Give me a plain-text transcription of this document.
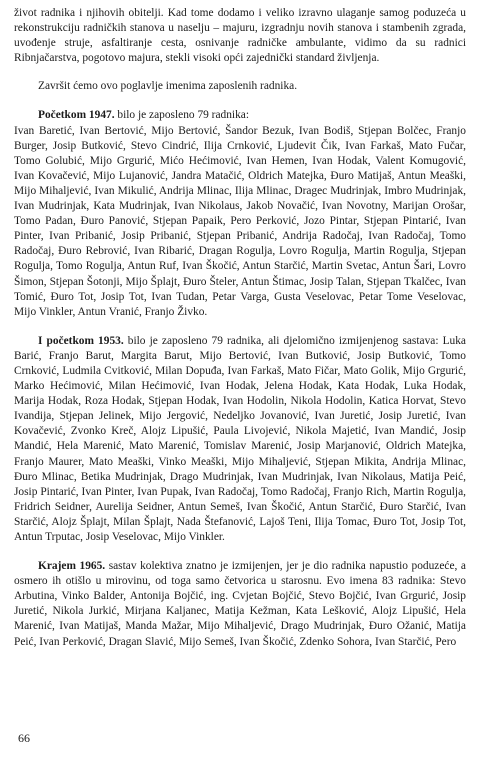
život radnika i njihovih obitelji. Kad tome dodamo i veliko izravno ulaganje samog poduzeća u rekonstrukciju radničkih stanova u naselju – majuru, izgradnju novih stanova i stambenih zgrada, uvođenje struje, asfaltiranje cesta, osnivanje radničke ambulante, vidimo da su radnici Ribnjačarstva, pogotovo majura, stekli visoki opći zajednički standard življenja.

Završit ćemo ovo poglavlje imenima zaposlenih radnika.

Početkom 1947. bilo je zaposleno 79 radnika:

Ivan Baretić, Ivan Bertović, Mijo Bertović, Šandor Bezuk, Ivan Bodiš, Stjepan Bolčec, Franjo Burger, Josip Butković, Stevo Cindrić, Ilija Crnković, Ljudevit Čik, Ivan Farkaš, Mato Fučar, Tomo Golubić, Mijo Grgurić, Mićo Hećimović, Ivan Hemen, Ivan Hodak, Valent Komugović, Ivan Kovačević, Mijo Lujanović, Jandra Matačić, Oldrich Matejka, Đuro Matijaš, Antun Meaški, Mijo Mihaljević, Ivan Mikulić, Andrija Mlinac, Ilija Mlinac, Dragec Mudrinjak, Imbro Mudrinjak, Ivan Mudrinjak, Kata Mudrinjak, Ivan Nikolaus, Jakob Novačić, Ivan Novotny, Marijan Orošar, Tomo Padan, Đuro Panović, Stjepan Papaik, Pero Perković, Jozo Pintar, Stjepan Pintarić, Ivan Pinter, Ivan Pribanić, Josip Pribanić, Stjepan Pribanić, Andrija Radočaj, Ivan Radočaj, Tomo Radočaj, Đuro Rebrović, Ivan Ribarić, Dragan Rogulja, Lovro Rogulja, Martin Rogulja, Stjepan Rogulja, Tomo Rogulja, Antun Ruf, Ivan Škočić, Antun Starčić, Martin Svetac, Antun Šari, Lovro Šimon, Stjepan Šotonji, Mijo Šplajt, Đuro Šteler, Antun Štimac, Josip Talan, Stjepan Tkalčec, Ivan Tomić, Đuro Tot, Josip Tot, Ivan Tudan, Petar Varga, Gusta Veselovac, Petar Tome Veselovac, Mijo Vinkler, Antun Vranić, Franjo Živko.

I početkom 1953. bilo je zaposleno 79 radnika, ali djelomično izmijenjenog sastava: Luka Barić, Franjo Barut, Margita Barut, Mijo Bertović, Ivan Butković, Josip Butković, Tomo Crnković, Ludmila Cvitković, Milan Dopuđa, Ivan Farkaš, Mato Fičar, Mato Golik, Mijo Grgurić, Marko Hećimović, Milan Hećimović, Ivan Hodak, Jelena Hodak, Kata Hodak, Luka Hodak, Marija Hodak, Roza Hodak, Stjepan Hodak, Ivan Hodolin, Nikola Hodolin, Katica Horvat, Stevo Ivandija, Stjepan Jelinek, Mijo Jergović, Nedeljko Jovanović, Ivan Juretić, Josip Juretić, Ivan Kovačević, Zvonko Kreč, Alojz Lipušić, Paula Livojević, Nikola Majetić, Ivan Mandić, Josip Mandić, Hela Marenić, Mato Marenić, Tomislav Marenić, Josip Marjanović, Oldrich Matejka, Franjo Maurer, Mato Meaški, Vinko Meaški, Mijo Mihaljević, Stjepan Mikita, Andrija Mlinac, Đuro Mlinac, Betika Mudrinjak, Drago Mudrinjak, Ivan Mudrinjak, Ivan Nikolaus, Matija Peić, Josip Pintarić, Ivan Pinter, Ivan Pupak, Ivan Radočaj, Tomo Radočaj, Franjo Rich, Martin Rogulja, Fridrich Seidner, Aurelija Seidner, Antun Semeš, Ivan Škočić, Antun Starčić, Đuro Starčić, Ivan Starčić, Alojz Šplajt, Milan Šplajt, Nada Štefanović, Lajoš Teni, Ilija Tomac, Đuro Tot, Josip Tot, Antun Trputac, Josip Veselovac, Mijo Vinkler.

Krajem 1965. sastav kolektiva znatno je izmijenjen, jer je dio radnika napustio poduzeće, a osmero ih otišlo u mirovinu, od toga samo četvorica u starosnu. Evo imena 83 radnika: Stevo Arbutina, Vinko Balder, Antonija Bojčić, ing. Cvjetan Bojčić, Stevo Bojčić, Ivan Grgurić, Josip Juretić, Nikola Jurkić, Mirjana Kaljanec, Matija Kežman, Kata Lešković, Alojz Lipušić, Hela Marenić, Ivan Matijaš, Manda Mažar, Mijo Mihaljević, Drago Mudrinjak, Đuro Ožanić, Matija Peić, Ivan Perković, Dragan Slavić, Mijo Semeš, Ivan Škočić, Zdenko Sohora, Ivan Starčić, Pero

66
